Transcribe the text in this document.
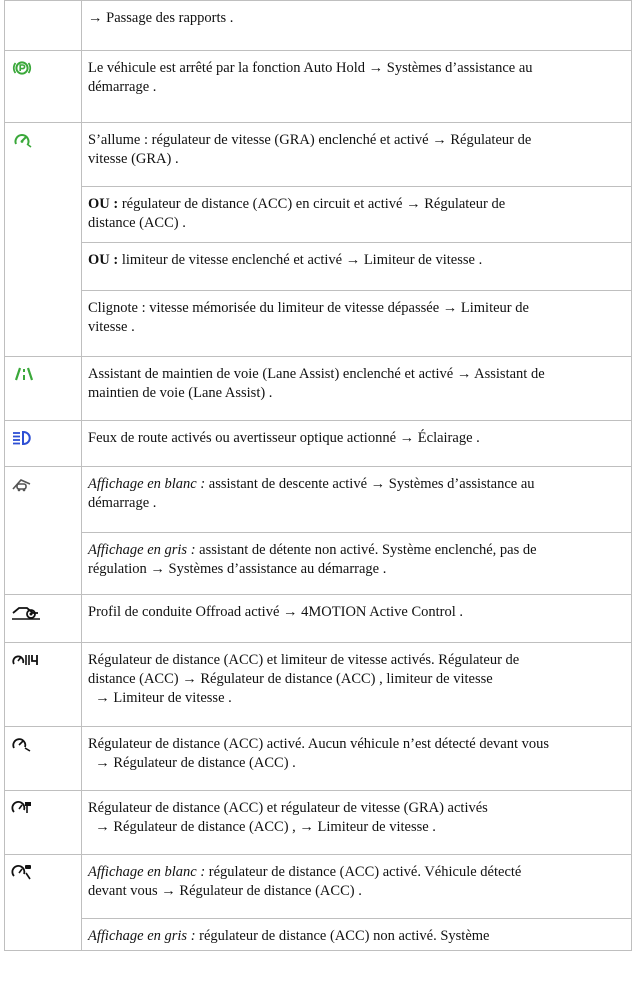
	→ Passage des rapports .

	Le véhicule est arrêté par la fonction Auto Hold → Systèmes d’assistance au
démarrage .

	S’allume : régulateur de vitesse (GRA) enclenché et activé → Régulateur de
vitesse (GRA) .
	OU : régulateur de distance (ACC) en circuit et activé → Régulateur de
distance (ACC) .
	OU : limiteur de vitesse enclenché et activé → Limiteur de vitesse .
	Clignote : vitesse mémorisée du limiteur de vitesse dépassée → Limiteur de
vitesse .

	Assistant de maintien de voie (Lane Assist) enclenché et activé → Assistant de
maintien de voie (Lane Assist) .

	Feux de route activés ou avertisseur optique actionné → Éclairage .

	Affichage en blanc : assistant de descente activé → Systèmes d’assistance au
démarrage .
	Affichage en gris : assistant de détente non activé. Système enclenché, pas de
régulation → Systèmes d’assistance au démarrage .

	Profil de conduite Offroad activé → 4MOTION Active Control .

	Régulateur de distance (ACC) et limiteur de vitesse activés. Régulateur de
distance (ACC) → Régulateur de distance (ACC) , limiteur de vitesse
→ Limiteur de vitesse .

	Régulateur de distance (ACC) activé. Aucun véhicule n’est détecté devant vous
→ Régulateur de distance (ACC) .

	Régulateur de distance (ACC) et régulateur de vitesse (GRA) activés
→ Régulateur de distance (ACC) , → Limiteur de vitesse .

	Affichage en blanc : régulateur de distance (ACC) activé. Véhicule détecté
devant vous → Régulateur de distance (ACC) .
	Affichage en gris : régulateur de distance (ACC) non activé. Système
